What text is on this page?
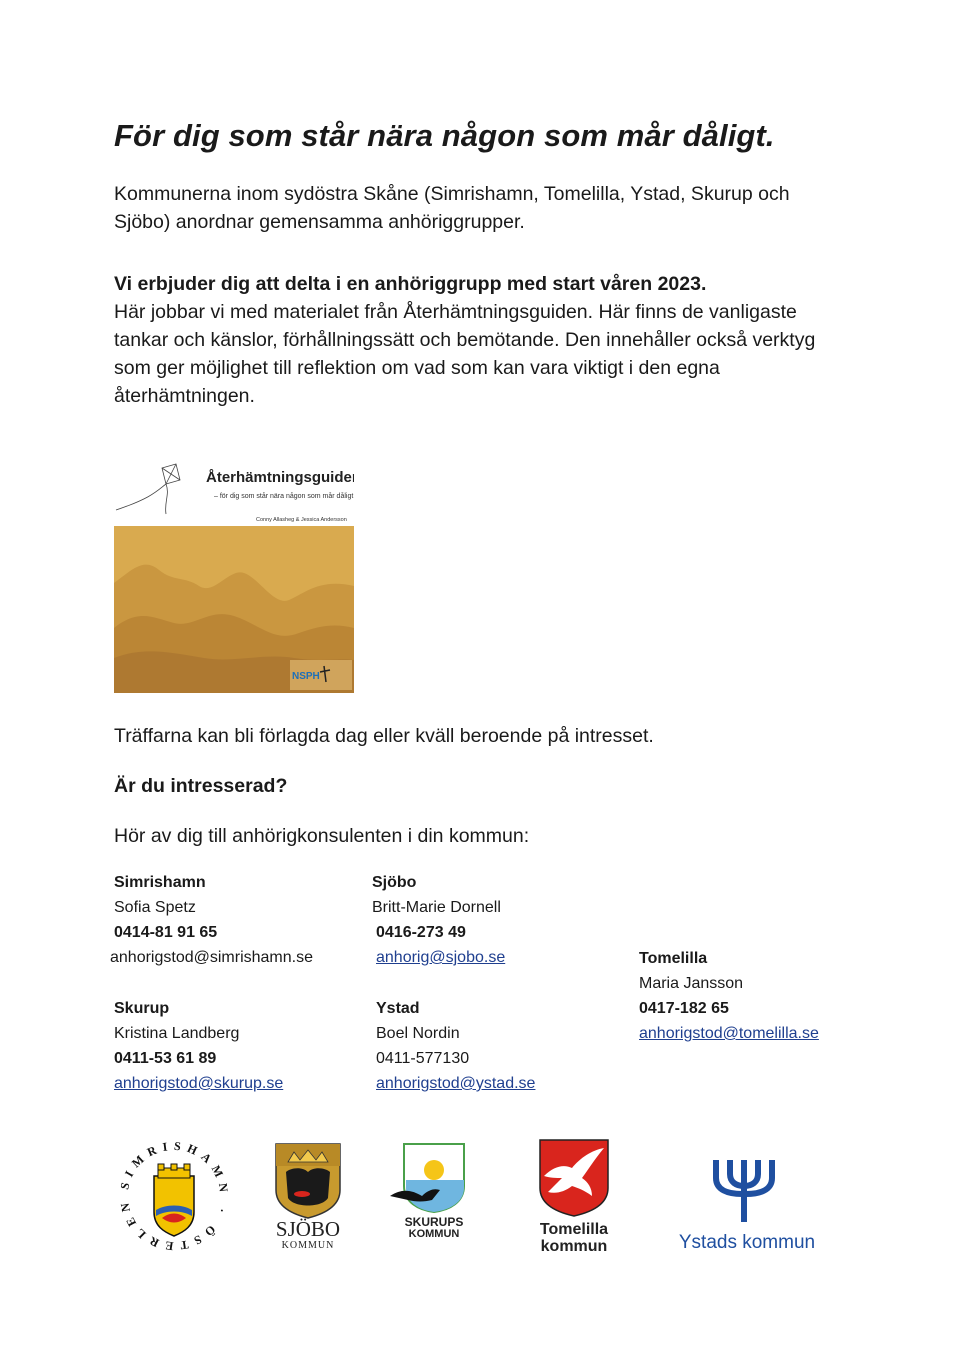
För dig som står nära någon som mår dåligt.
Kommunerna inom sydöstra Skåne (Simrishamn, Tomelilla, Ystad, Skurup och Sjöbo) anordnar gemensamma anhöriggrupper.
Vi erbjuder dig att delta i en anhöriggrupp med start våren 2023.
Här jobbar vi med materialet från Återhämtningsguiden. Här finns de vanligaste tankar och känslor, förhållningssätt och bemötande. Den innehåller också verktyg som ger möjlighet till reflektion om vad som kan vara viktigt i den egna återhämtningen.
Återhämtningsguiden
– för dig som står nära någon som mår dåligt
Conny Allasheg & Jessica Andersson
NSPH
Träffarna kan bli förlagda dag eller kväll beroende på intresset.
Är du intresserad?
Hör av dig till anhörigkonsulenten i din kommun:
Simrishamn
Sofia Spetz
0414-81 91 65
anhorigstod@simrishamn.se
Sjöbo
Britt-Marie Dornell
0416-273 49
anhorig@sjobo.se	Tomelilla
Maria Jansson
0417-182 65
anhorigstod@tomelilla.se
Skurup
Kristina Landberg
0411-53 61 89
anhorigstod@skurup.se
Ystad
Boel Nordin
0411-577130
anhorigstod@ystad.se
SIMRISHAMN · ÖSTERLEN
SJÖBO
KOMMUN
SKURUPS
KOMMUN	Tomelilla
kommun	Ystads kommun
